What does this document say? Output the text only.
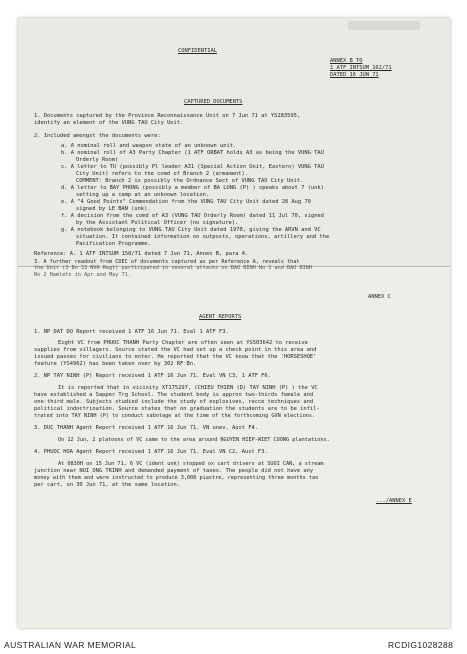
CONFIDENTIAL
ANNEX B TO
1 ATF INTSUM 162/71
DATED 16 JUN 71
CAPTURED DOCUMENTS
1. Documents captured by the Province Reconnaissance Unit on 7 Jun 71 at YS283595,
identify an element of the VUNG TAU City Unit.
2. Included amongst the documents were:
a. A nominal roll and weapon state of an unknown unit.
b. A nominal roll of A3 Party Chapter (1 ATF ORBAT holds A3 as being the VUNG TAU
Orderly Room)
c. A letter to TU (possibly Pl leader A31 (Special Action Unit, Eastern) VUNG TAU
City Unit) refers to the comd of Branch 2 (armament).
COMMENT: Branch 2 is possibly the Ordnance Sect of VUNG TAU City Unit.
d. A letter to BAY PHONG (possibly a member of BA LONG (P) ) speaks about 7 (unk)
setting up a camp at an unknown location.
e. A "4 Good Points" Commendation from the VUNG TAU City Unit dated 28 Aug 70
signed by LE BAN (unk).
f. A decision from the comd of A3 (VUNG TAU Orderly Room) dated 11 Jul 70, signed
by the Assistant Political Officer (no signature).
g. A notebook belonging to VUNG TAU City Unit dated 1970, giving the ARVN and VC
situation. It contained information on outposts, operations, artillery and the
Pacification Programme.
Reference: A. 1 ATF INTSUM 158/71 dated 7 Jun 71, Annex B, para 4.
3. A further readout from CDEC of documents captured as per Reference A, reveals that
the Unit (3 Bn 33 NVA Regt) participated in several attacks on BAO BINH No 1 and BAO BINH
No 2 Hamlets in Apr and May 71.
ANNEX C
AGENT REPORTS
1. NP DAT DO Report received 1 ATF 16 Jun 71. Eval 1 ATF F3.
Eight VC from PHUOC THANH Party Chapter are often seen at YS503642 to receive
supplies from villagers. Source stated the VC had set up a check point in this area and
issued passes for civilians to enter. He reported that the VC know that the 'HORSESHOE'
feature (YS4962) has been taken over by 302 RF Bn.
2. NP TAY NINH (P) Report received 1 ATF 16 Jun 71. Eval VN C3, 1 ATF F6.
It is reported that in vicinity XT175297, (CHIEU THIEN (D) TAY NINH (P) ) the VC
have established a Sapper Trg School. The student body is approx two-thirds female and
one-third male. Subjects studied include the study of explosives, recce techniques and
political indoctrination. Source states that on graduation the students are to be infil-
trated into TAY NINH (P) to conduct sabotage at the time of the forthcoming GVN elections.
3. DUC THANH Agent Report received 1 ATF 16 Jun 71. VN unev, Aust F4.
On 12 Jun, 2 platoons of VC came to the area around NGUYEN HIEP-WIET CUONG plantations.
4. PHUOC HOA Agent Report received 1 ATF 16 Jun 71. Eval VN C2, Aust F3.
At 0830H on 15 Jun 71, 6 VC (ident unk) stopped ox cart drivers at SUOI CAN, a stream
junction near NUI ONG TRINH and demanded payment of taxes. The people did not have any
money with them and were instructed to produce 3,000 piastre, representing three months tax
per cart, on 30 Jun 71, at the same location.
.../ANNEX E
AUSTRALIAN WAR MEMORIAL	RCDIG1028288
